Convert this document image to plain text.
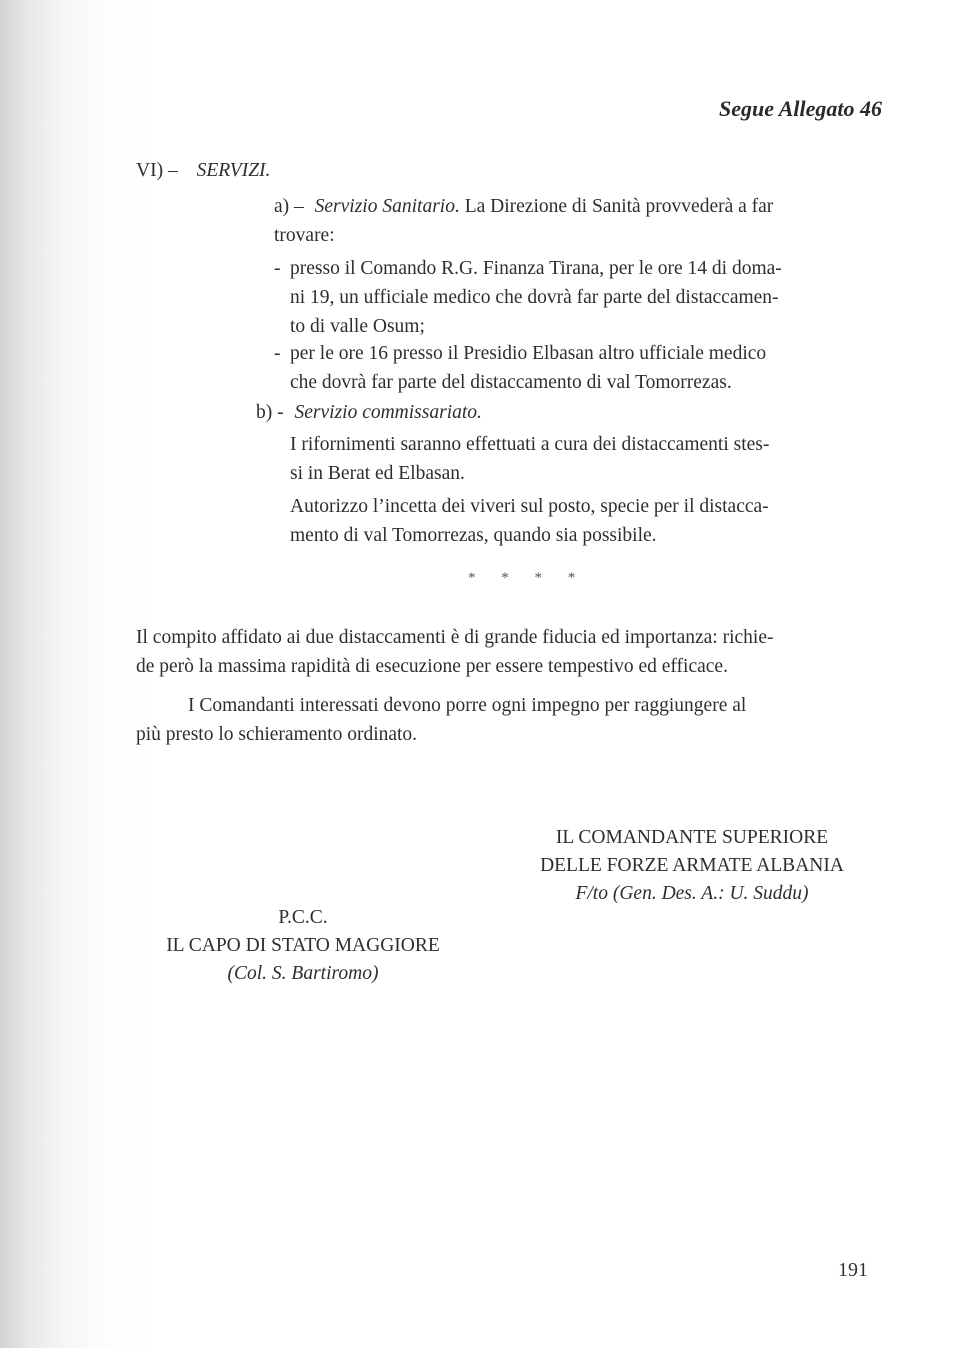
Segue Allegato 46
VI) – SERVIZI.

a) – Servizio Sanitario. La Direzione di Sanità provvederà a far

trovare:

- presso il Comando R.G. Finanza Tirana, per le ore 14 di doma-

ni 19, un ufficiale medico che dovrà far parte del distaccamen-

to di valle Osum;

- per le ore 16 presso il Presidio Elbasan altro ufficiale medico

che dovrà far parte del distaccamento di val Tomorrezas.

b) - Servizio commissariato.

I rifornimenti saranno effettuati a cura dei distaccamenti stes-

si in Berat ed Elbasan.

Autorizzo l’incetta dei viveri sul posto, specie per il distacca-

mento di val Tomorrezas, quando sia possibile.

* * * *

Il compito affidato ai due distaccamenti è di grande fiducia ed importanza: richie-

de però la massima rapidità di esecuzione per essere tempestivo ed efficace.

I Comandanti interessati devono porre ogni impegno per raggiungere al

più presto lo schieramento ordinato.

IL COMANDANTE SUPERIORE
DELLE FORZE ARMATE ALBANIA
F/to (Gen. Des. A.: U. Suddu)
P.C.C.
IL CAPO DI STATO MAGGIORE
(Col. S. Bartiromo)
191
